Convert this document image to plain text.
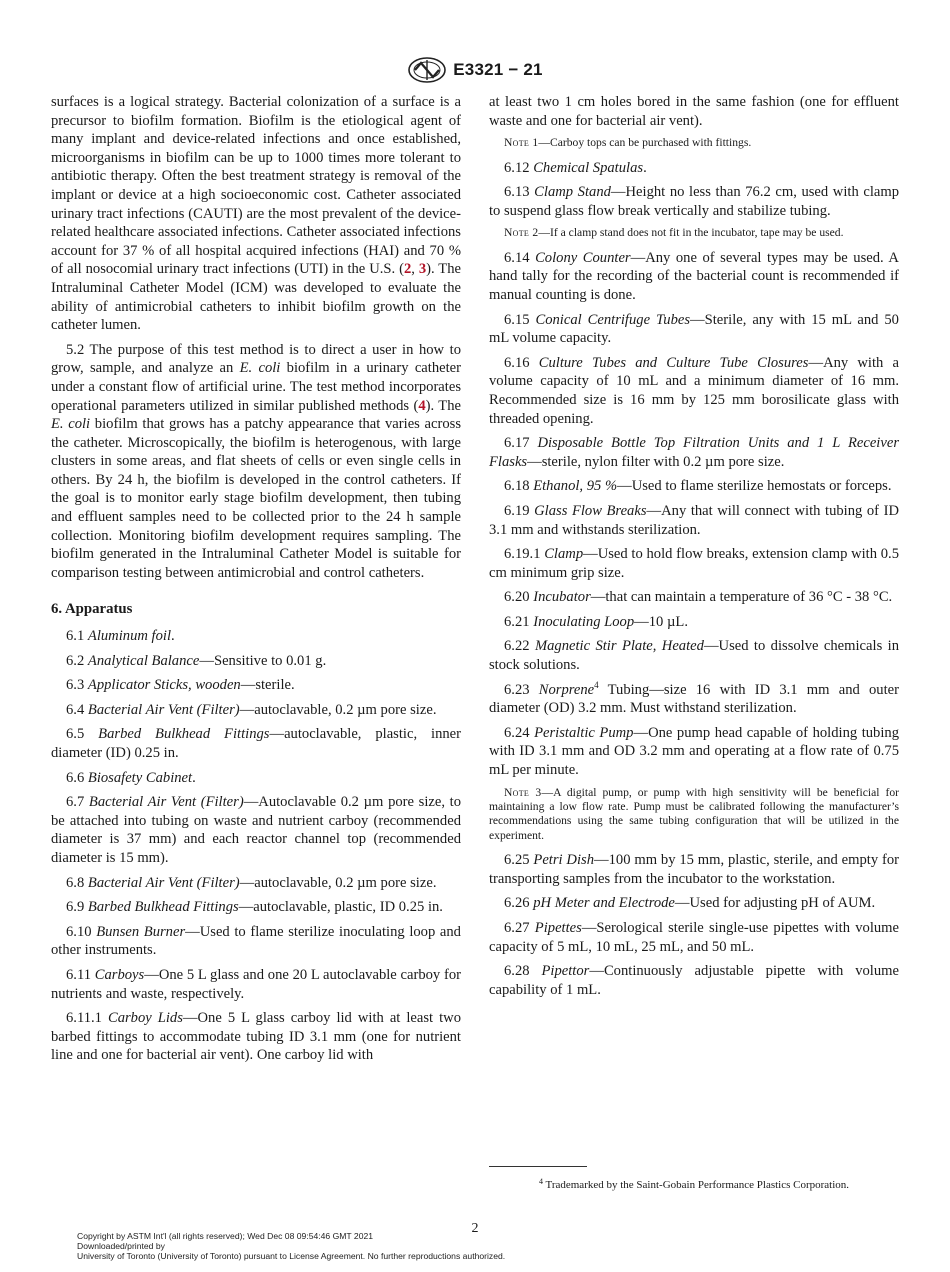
E3321 − 21

surfaces is a logical strategy. Bacterial colonization of a surface is a precursor to biofilm formation. Biofilm is the etiological agent of many implant and device-related infections and once established, microorganisms in biofilm can be up to 1000 times more tolerant to antibiotic therapy. Often the best treatment strategy is removal of the implant or device at a high socioeconomic cost. Catheter associated urinary tract infections (CAUTI) are the most prevalent of the device-related healthcare associated infections. Catheter associated infections account for 37 % of all hospital acquired infections (HAI) and 70 % of all nosocomial urinary tract infections (UTI) in the U.S. (2, 3). The Intraluminal Catheter Model (ICM) was developed to evaluate the ability of antimicrobial catheters to inhibit biofilm growth on the catheter lumen.

5.2 The purpose of this test method is to direct a user in how to grow, sample, and analyze an E. coli biofilm in a urinary catheter under a constant flow of artificial urine. The test method incorporates operational parameters utilized in similar published methods (4). The E. coli biofilm that grows has a patchy appearance that varies across the catheter. Microscopically, the biofilm is heterogenous, with large clusters in some areas, and flat sheets of cells or even single cells in others. By 24 h, the biofilm is developed in the control catheters. If the goal is to monitor early stage biofilm development, then tubing and effluent samples need to be collected prior to the 24 h sample collection. Monitoring biofilm development requires sampling. The biofilm generated in the Intraluminal Catheter Model is suitable for comparison testing between antimicrobial and control catheters.

6. Apparatus

6.1 Aluminum foil.

6.2 Analytical Balance—Sensitive to 0.01 g.

6.3 Applicator Sticks, wooden—sterile.

6.4 Bacterial Air Vent (Filter)—autoclavable, 0.2 µm pore size.

6.5 Barbed Bulkhead Fittings—autoclavable, plastic, inner diameter (ID) 0.25 in.

6.6 Biosafety Cabinet.

6.7 Bacterial Air Vent (Filter)—Autoclavable 0.2 µm pore size, to be attached into tubing on waste and nutrient carboy (recommended diameter is 37 mm) and each reactor channel top (recommended diameter is 15 mm).

6.8 Bacterial Air Vent (Filter)—autoclavable, 0.2 µm pore size.

6.9 Barbed Bulkhead Fittings—autoclavable, plastic, ID 0.25 in.

6.10 Bunsen Burner—Used to flame sterilize inoculating loop and other instruments.

6.11 Carboys—One 5 L glass and one 20 L autoclavable carboy for nutrients and waste, respectively.

6.11.1 Carboy Lids—One 5 L glass carboy lid with at least two barbed fittings to accommodate tubing ID 3.1 mm (one for nutrient line and one for bacterial air vent). One carboy lid with

at least two 1 cm holes bored in the same fashion (one for effluent waste and one for bacterial air vent).

Note 1—Carboy tops can be purchased with fittings.

6.12 Chemical Spatulas.

6.13 Clamp Stand—Height no less than 76.2 cm, used with clamp to suspend glass flow break vertically and stabilize tubing.

Note 2—If a clamp stand does not fit in the incubator, tape may be used.

6.14 Colony Counter—Any one of several types may be used. A hand tally for the recording of the bacterial count is recommended if manual counting is done.

6.15 Conical Centrifuge Tubes—Sterile, any with 15 mL and 50 mL volume capacity.

6.16 Culture Tubes and Culture Tube Closures—Any with a volume capacity of 10 mL and a minimum diameter of 16 mm. Recommended size is 16 mm by 125 mm borosilicate glass with threaded opening.

6.17 Disposable Bottle Top Filtration Units and 1 L Receiver Flasks—sterile, nylon filter with 0.2 µm pore size.

6.18 Ethanol, 95 %—Used to flame sterilize hemostats or forceps.

6.19 Glass Flow Breaks—Any that will connect with tubing of ID 3.1 mm and withstands sterilization.

6.19.1 Clamp—Used to hold flow breaks, extension clamp with 0.5 cm minimum grip size.

6.20 Incubator—that can maintain a temperature of 36 °C - 38 °C.

6.21 Inoculating Loop—10 µL.

6.22 Magnetic Stir Plate, Heated—Used to dissolve chemicals in stock solutions.

6.23 Norprene$^4$ Tubing—size 16 with ID 3.1 mm and outer diameter (OD) 3.2 mm. Must withstand sterilization.

6.24 Peristaltic Pump—One pump head capable of holding tubing with ID 3.1 mm and OD 3.2 mm and operating at a flow rate of 0.75 mL per minute.

Note 3—A digital pump, or pump with high sensitivity will be beneficial for maintaining a low flow rate. Pump must be calibrated following the manufacturer’s recommendations using the same tubing configuration that will be utilized in the experiment.

6.25 Petri Dish—100 mm by 15 mm, plastic, sterile, and empty for transporting samples from the incubator to the workstation.

6.26 pH Meter and Electrode—Used for adjusting pH of AUM.

6.27 Pipettes—Serological sterile single-use pipettes with volume capacity of 5 mL, 10 mL, 25 mL, and 50 mL.

6.28 Pipettor—Continuously adjustable pipette with volume capability of 1 mL.

$^4$ Trademarked by the Saint-Gobain Performance Plastics Corporation.
2
Copyright by ASTM Int'l (all rights reserved); Wed Dec 08 09:54:46 GMT 2021
Downloaded/printed by
University of Toronto (University of Toronto) pursuant to License Agreement. No further reproductions authorized.
